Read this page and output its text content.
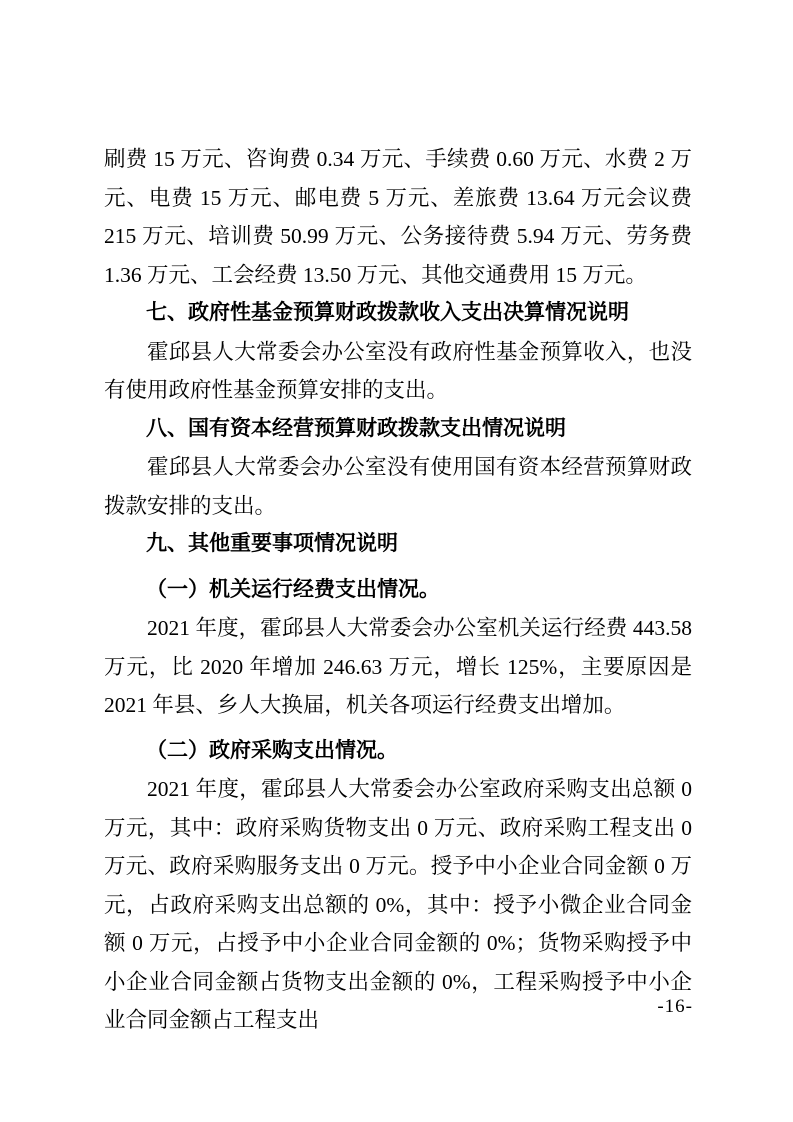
刷费 15 万元、咨询费 0.34 万元、手续费 0.60 万元、水费 2 万元、电费 15 万元、邮电费 5 万元、差旅费 13.64 万元会议费 215 万元、培训费 50.99 万元、公务接待费 5.94 万元、劳务费 1.36 万元、工会经费 13.50 万元、其他交通费用 15 万元。

七、政府性基金预算财政拨款收入支出决算情况说明

霍邱县人大常委会办公室没有政府性基金预算收入，也没有使用政府性基金预算安排的支出。

八、国有资本经营预算财政拨款支出情况说明

霍邱县人大常委会办公室没有使用国有资本经营预算财政拨款安排的支出。

九、其他重要事项情况说明

（一）机关运行经费支出情况。

2021 年度，霍邱县人大常委会办公室机关运行经费 443.58 万元，比 2020 年增加 246.63 万元，增长 125%，主要原因是 2021 年县、乡人大换届，机关各项运行经费支出增加。

（二）政府采购支出情况。

2021 年度，霍邱县人大常委会办公室政府采购支出总额 0 万元，其中：政府采购货物支出 0 万元、政府采购工程支出 0 万元、政府采购服务支出 0 万元。授予中小企业合同金额 0 万元，占政府采购支出总额的 0%，其中：授予小微企业合同金额 0 万元，占授予中小企业合同金额的 0%；货物采购授予中小企业合同金额占货物支出金额的 0%，工程采购授予中小企业合同金额占工程支出

-16-
